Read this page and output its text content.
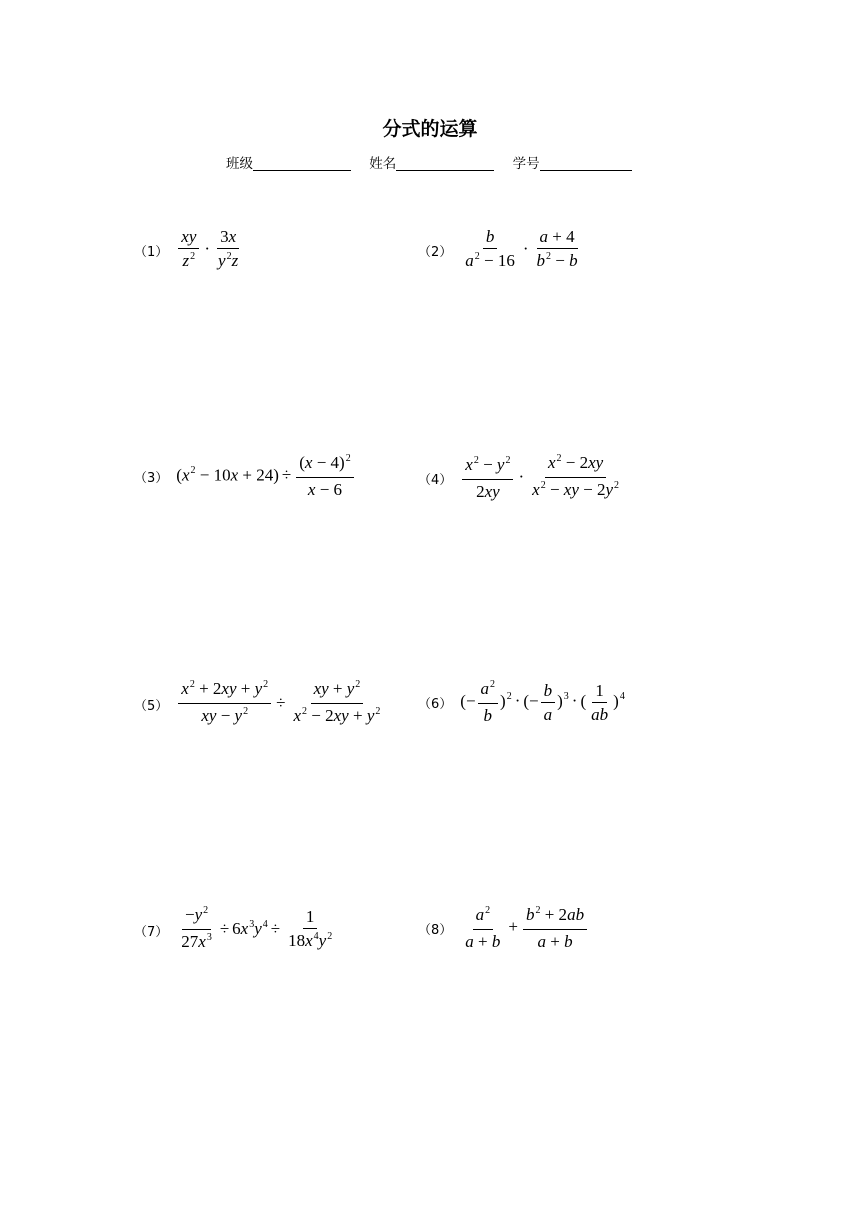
分式的运算
班级	姓名	学号
$(1) \frac{xy}{z^2} \cdot \frac{3x}{y^2z}$	$(2) \frac{b}{a^2 - 16} \cdot \frac{a + 4}{b^2 - b}$
（3） $(x^2 - 10x + 24) \div \frac{(x - 4)^2}{x - 6}$	$(4) \frac{x^2 - y^2}{2xy} \cdot \frac{x^2 - 2xy}{x^2 - xy - 2y^2}$
$(5) \frac{x^2 + 2xy + y^2}{xy - y^2} \div \frac{xy + y^2}{x^2 - 2xy + y^2}$	（6） (− $\frac{a^2}{b} )^2$ · (− $\frac{b}{a} )^3$ · ( $\frac{1}{ab} )^4$
$(7) \frac{-y^2}{27x^3} \div 6x^3y^4 \div \frac{1}{18x^4y^2}$	$(8) \frac{a^2}{a + b} + \frac{b^2 + 2ab}{a + b}$
